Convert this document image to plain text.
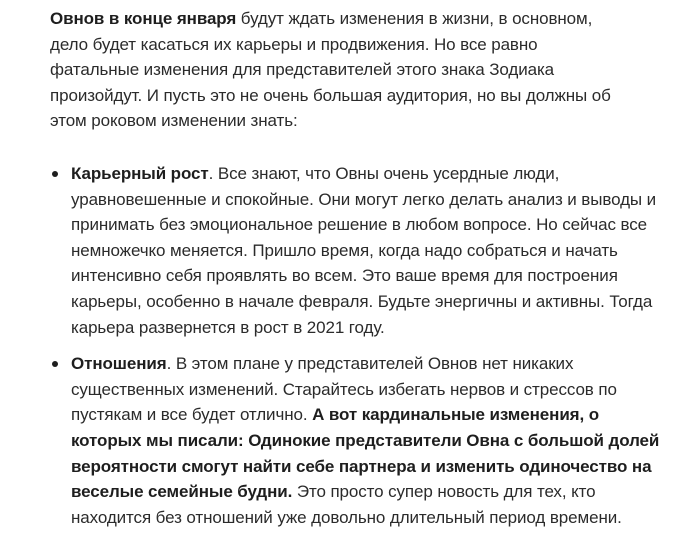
Овнов в конце января будут ждать изменения в жизни, в основном, дело будет касаться их карьеры и продвижения. Но все равно фатальные изменения для представителей этого знака Зодиака произойдут. И пусть это не очень большая аудитория, но вы должны об этом роковом изменении знать:

Карьерный рост. Все знают, что Овны очень усердные люди, уравновешенные и спокойные. Они могут легко делать анализ и выводы и принимать без эмоциональное решение в любом вопросе. Но сейчас все немножечко меняется. Пришло время, когда надо собраться и начать интенсивно себя проявлять во всем. Это ваше время для построения карьеры, особенно в начале февраля. Будьте энергичны и активны. Тогда карьера развернется в рост в 2021 году.

Отношения. В этом плане у представителей Овнов нет никаких существенных изменений. Старайтесь избегать нервов и стрессов по пустякам и все будет отлично. А вот кардинальные изменения, о которых мы писали: Одинокие представители Овна с большой долей вероятности смогут найти себе партнера и изменить одиночество на веселые семейные будни. Это просто супер новость для тех, кто находится без отношений уже довольно длительный период времени.
